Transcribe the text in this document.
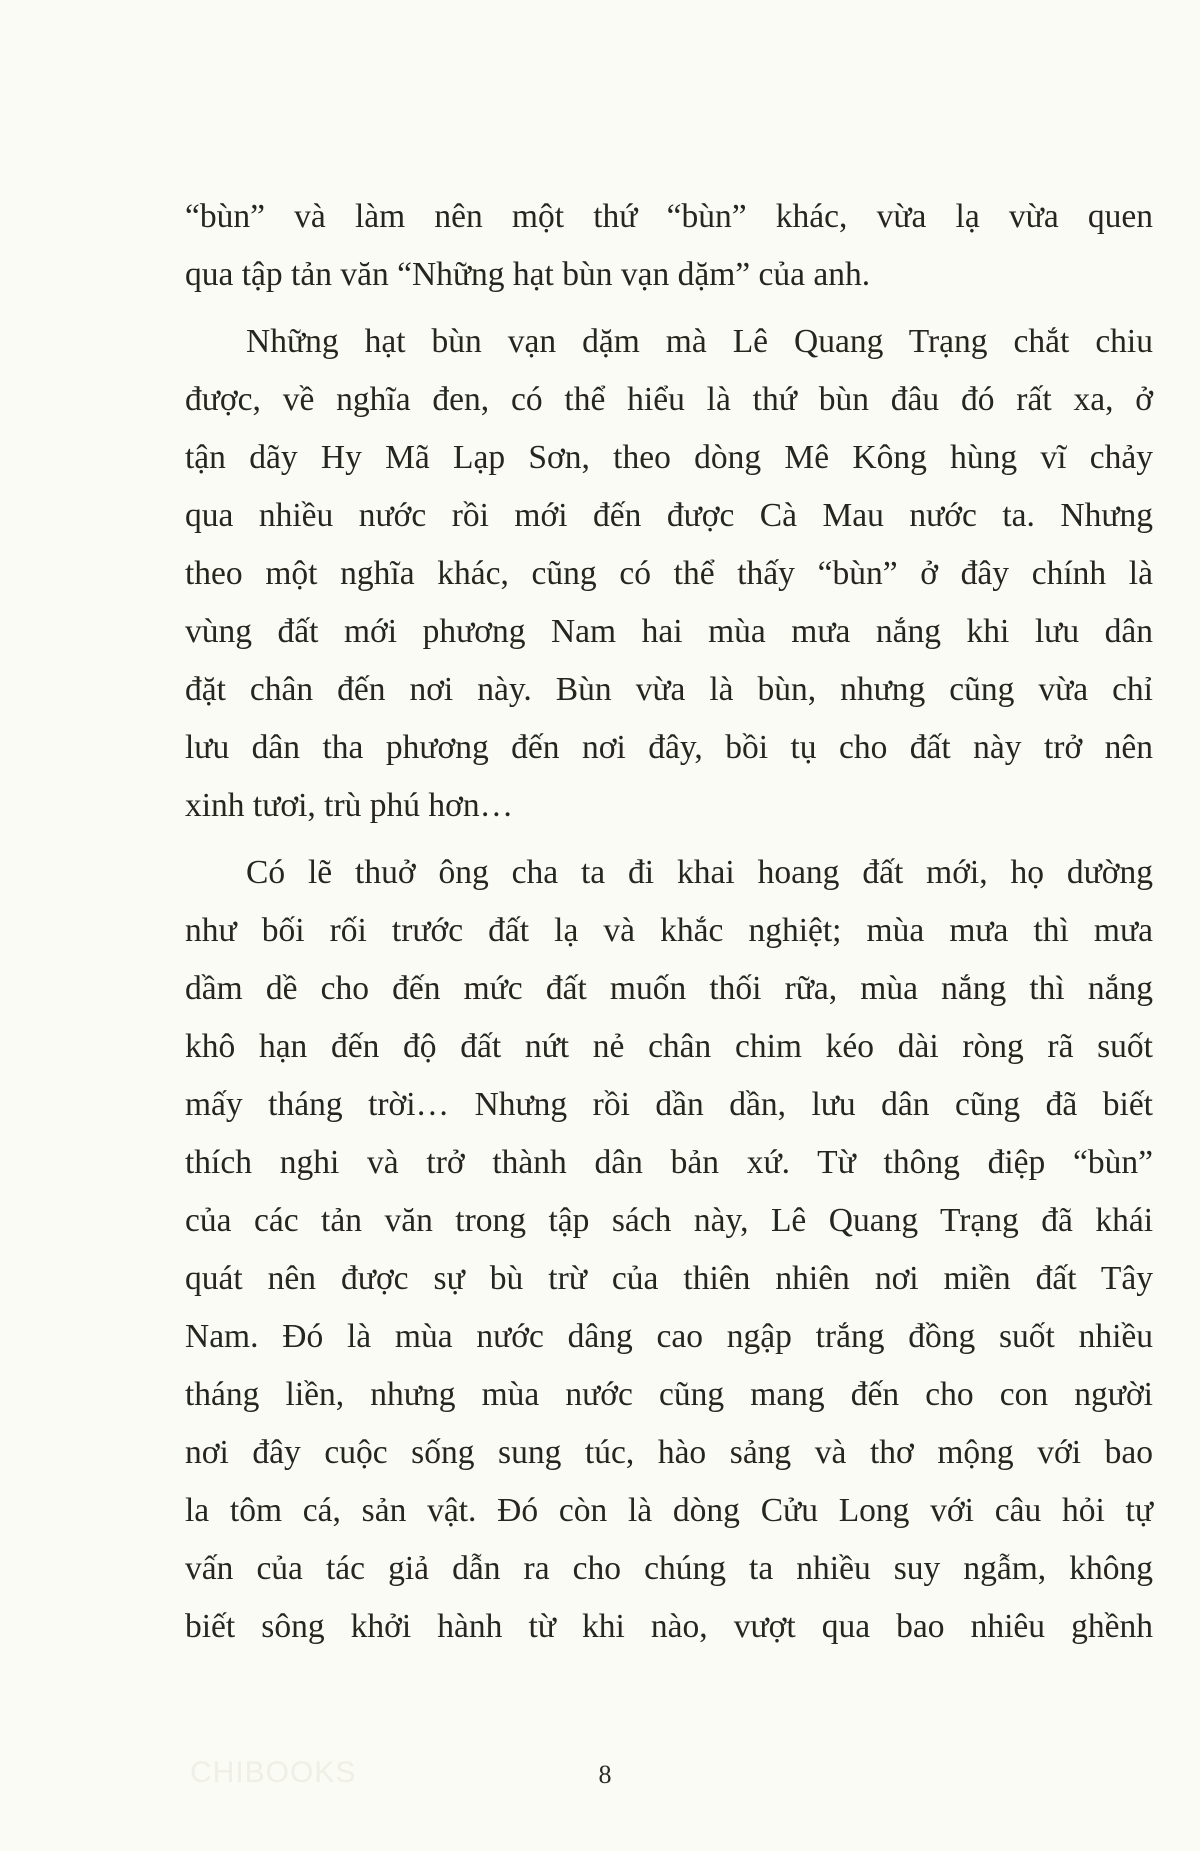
“bùn” và làm nên một thứ “bùn” khác, vừa lạ vừa quen
qua tập tản văn “Những hạt bùn vạn dặm” của anh.
Những hạt bùn vạn dặm mà Lê Quang Trạng chắt chiu
được, về nghĩa đen, có thể hiểu là thứ bùn đâu đó rất xa, ở
tận dãy Hy Mã Lạp Sơn, theo dòng Mê Kông hùng vĩ chảy
qua nhiều nước rồi mới đến được Cà Mau nước ta. Nhưng
theo một nghĩa khác, cũng có thể thấy “bùn” ở đây chính là
vùng đất mới phương Nam hai mùa mưa nắng khi lưu dân
đặt chân đến nơi này. Bùn vừa là bùn, nhưng cũng vừa chỉ
lưu dân tha phương đến nơi đây, bồi tụ cho đất này trở nên
xinh tươi, trù phú hơn…
Có lẽ thuở ông cha ta đi khai hoang đất mới, họ dường
như bối rối trước đất lạ và khắc nghiệt; mùa mưa thì mưa
dầm dề cho đến mức đất muốn thối rữa, mùa nắng thì nắng
khô hạn đến độ đất nứt nẻ chân chim kéo dài ròng rã suốt
mấy tháng trời… Nhưng rồi dần dần, lưu dân cũng đã biết
thích nghi và trở thành dân bản xứ. Từ thông điệp “bùn”
của các tản văn trong tập sách này, Lê Quang Trạng đã khái
quát nên được sự bù trừ của thiên nhiên nơi miền đất Tây
Nam. Đó là mùa nước dâng cao ngập trắng đồng suốt nhiều
tháng liền, nhưng mùa nước cũng mang đến cho con người
nơi đây cuộc sống sung túc, hào sảng và thơ mộng với bao
la tôm cá, sản vật. Đó còn là dòng Cửu Long với câu hỏi tự
vấn của tác giả dẫn ra cho chúng ta nhiều suy ngẫm, không
biết sông khởi hành từ khi nào, vượt qua bao nhiêu ghềnh
CHIBOOKS	8
